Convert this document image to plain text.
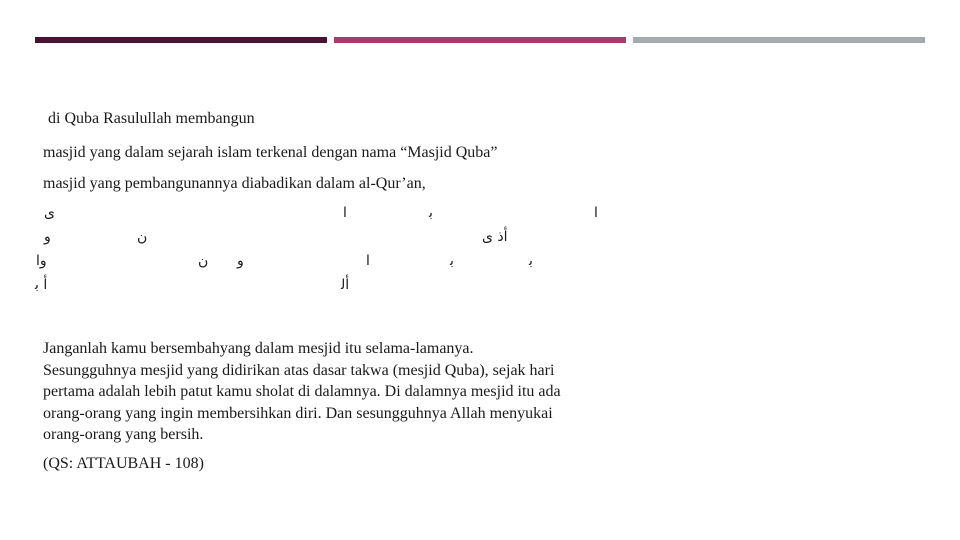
di Quba Rasulullah membangun
masjid yang dalam sejarah islam terkenal dengan nama “Masjid Quba”
masjid yang pembangunannya diabadikan dalam al-Qur’an,
ى	ا	ﺑ	ا
و	ن	ﺃﺫ ﻯ
وا	ن و	ا	ﺑ	ﺑ
ﺃ ﺑ	ﺃﻟ
Janganlah kamu bersembahyang dalam mesjid itu selama-lamanya.
Sesungguhnya mesjid yang didirikan atas dasar takwa (mesjid Quba), sejak hari
pertama adalah lebih patut kamu sholat di dalamnya. Di dalamnya mesjid itu ada
orang-orang yang ingin membersihkan diri. Dan sesungguhnya Allah menyukai
orang-orang yang bersih.
(QS: ATTAUBAH - 108)
